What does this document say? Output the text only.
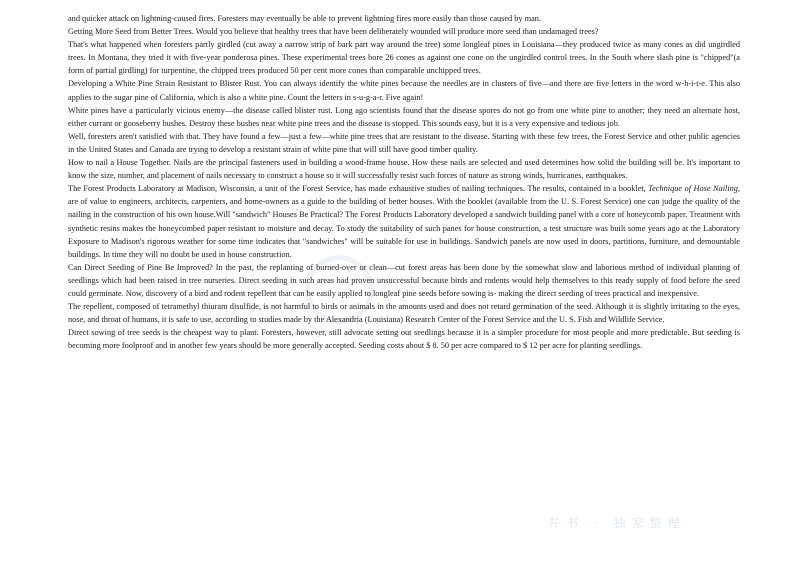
○

and quicker attack on lightning-caused fires. Foresters may eventually be able to prevent lightning fires more easily than those caused by man.

Getting More Seed from Better Trees. Would you believe that healthy trees that have been deliberately wounded will produce more seed than undamaged trees?

That's what happened when foresters partly girdled (cut away a narrow strip of bark part way around the tree) some longleaf pines in Louisiana—they produced twice as many cones as did ungirdled trees. In Montana, they tried it with five-year ponderosa pines. These experimental trees bore 26 cones as against one cone on the ungirdled control trees. In the South where slash pine is "chipped"(a form of partial girdling) for turpentine, the chipped trees produced 50 per cent more cones than comparable unchipped trees.

Developing a White Pine Strain Resistant to Blister Rust. You can always identify the white pines because the needles are in clusters of five—and there are five letters in the word w-h-i-t-e. This also applies to the sugar pine of California, which is also a white pine. Count the letters in s-u-g-a-r. Five again!

White pines have a particularly vicious enemy—the disease called blister rust. Long ago scientists found that the disease spores do not go from one white pine to another; they need an alternate host, either currant or gooseberry bushes. Destroy these bushes near white pine trees and the disease is stopped. This sounds easy, but it is a very expensive and tedious job.

Well, foresters aren't satisfied with that. They have found a few—just a few—white pine trees that are resistant to the disease. Starting with these few trees, the Forest Service and other public agencies in the United States and Canada are trying to develop a resistant strain of white pine that will still have good timber quality.

How to nail a House Together. Nails are the principal fasteners used in building a wood-frame house. How these nails are selected and used determines how solid the building will be. It's important to know the size, number, and placement of nails necessary to construct a house so it will successfully resist such forces of nature as strong winds, hurricanes, earthquakes.

The Forest Products Laboratory at Madison, Wisconsin, a unit of the Forest Service, has made exhaustive studies of nailing techniques. The results, contained in a booklet, Technique of Hose Nailing, are of value to engineers, architects, carpenters, and home-owners as a guide to the building of better houses. With the booklet (available from the U. S. Forest Service) one can judge the quality of the nailing in the construction of his own house.Will "sandwich" Houses Be Practical? The Forest Products Laboratory developed a sandwich building panel with a core of honeycomb paper. Treatment with synthetic resins makes the honeycombed paper resistant to moisture and decay. To study the suitability of such panes for house construction, a test structure was built some years ago at the Laboratory Exposure to Madison's rigorous weather for some time indicates that "sandwiches" will be suitable for use in buildings. Sandwich panels are now used in doors, partitions, furniture, and demountable buildings. In time they will no doubt be used in house construction.

Can Direct Seeding of Pine Be Improved? In the past, the replanting of burned-over or clean—cut forest areas has been done by the somewhat slow and laborious method of individual planting of seedlings which had been raised in tree nurseries. Direct seeding in such areas had proven unsuccessful because birds and rodents would help themselves to this ready supply of food before the seed could germinate. Now, discovery of a bird and rodent repellent that can be easily applied to longleaf pine seeds before sowing is- making the direct seeding of trees practical and inexpensive.

The repellent, composed of tetramethyl thiuram disulfide, is not harmful to birds or animals in the amounts used and does not retard germination of the seed. Although it is slightly irritating to the eyes, nose, and throat of humans, it is safe to use, according to studies made by the Alexandria (Louisiana) Research Center of the Forest Service and the U. S. Fish and Wildlife Service.

Direct sowing of tree seeds is the cheapest way to plant. Foresters, however, still advocate setting out seedlings because it is a simpler procedure for most people and more predictable. But seeding is becoming more foolproof and in another few years should be more generally accepted. Seeding costs about $ 8. 50 per acre compared to $ 12 per acre for planting seedlings.

井书 · 独家整理
